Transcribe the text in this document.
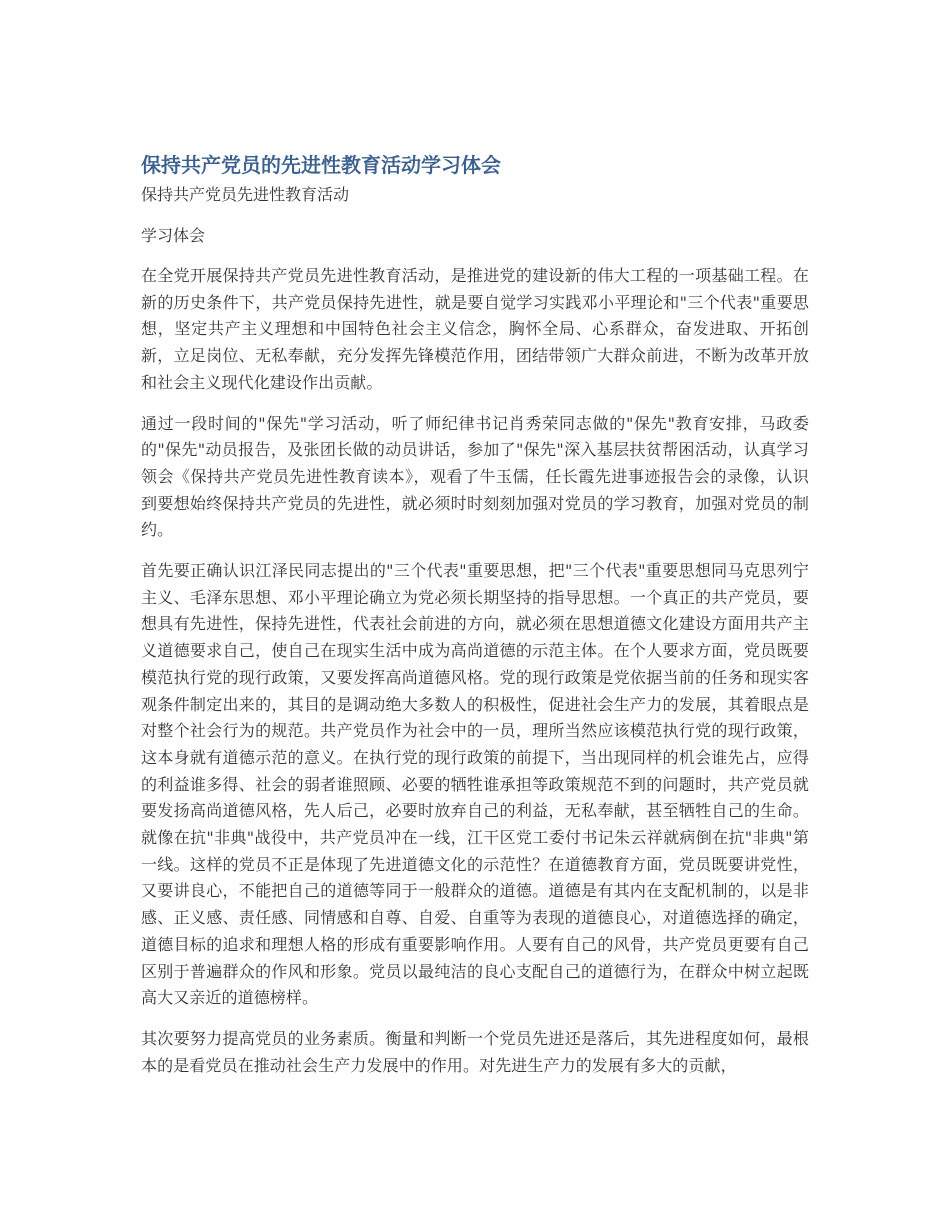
保持共产党员的先进性教育活动学习体会

保持共产党员先进性教育活动

学习体会

在全党开展保持共产党员先进性教育活动，是推进党的建设新的伟大工程的一项基础工程。在新的历史条件下，共产党员保持先进性，就是要自觉学习实践邓小平理论和"三个代表"重要思想，坚定共产主义理想和中国特色社会主义信念，胸怀全局、心系群众，奋发进取、开拓创新，立足岗位、无私奉献，充分发挥先锋模范作用，团结带领广大群众前进，不断为改革开放和社会主义现代化建设作出贡献。

通过一段时间的"保先"学习活动，听了师纪律书记肖秀荣同志做的"保先"教育安排，马政委的"保先"动员报告，及张团长做的动员讲话，参加了"保先"深入基层扶贫帮困活动，认真学习领会《保持共产党员先进性教育读本》，观看了牛玉儒，任长霞先进事迹报告会的录像，认识到要想始终保持共产党员的先进性，就必须时时刻刻加强对党员的学习教育，加强对党员的制约。

首先要正确认识江泽民同志提出的"三个代表"重要思想，把"三个代表"重要思想同马克思列宁主义、毛泽东思想、邓小平理论确立为党必须长期坚持的指导思想。一个真正的共产党员，要想具有先进性，保持先进性，代表社会前进的方向，就必须在思想道德文化建设方面用共产主义道德要求自己，使自己在现实生活中成为高尚道德的示范主体。在个人要求方面，党员既要模范执行党的现行政策，又要发挥高尚道德风格。党的现行政策是党依据当前的任务和现实客观条件制定出来的，其目的是调动绝大多数人的积极性，促进社会生产力的发展，其着眼点是对整个社会行为的规范。共产党员作为社会中的一员，理所当然应该模范执行党的现行政策，这本身就有道德示范的意义。在执行党的现行政策的前提下，当出现同样的机会谁先占，应得的利益谁多得、社会的弱者谁照顾、必要的牺牲谁承担等政策规范不到的问题时，共产党员就要发扬高尚道德风格，先人后己，必要时放弃自己的利益，无私奉献，甚至牺牲自己的生命。就像在抗"非典"战役中，共产党员冲在一线，江干区党工委付书记朱云祥就病倒在抗"非典"第一线。这样的党员不正是体现了先进道德文化的示范性？在道德教育方面，党员既要讲党性，又要讲良心，不能把自己的道德等同于一般群众的道德。道德是有其内在支配机制的，以是非感、正义感、责任感、同情感和自尊、自爱、自重等为表现的道德良心，对道德选择的确定，道德目标的追求和理想人格的形成有重要影响作用。人要有自己的风骨，共产党员更要有自己区别于普遍群众的作风和形象。党员以最纯洁的良心支配自己的道德行为，在群众中树立起既高大又亲近的道德榜样。

其次要努力提高党员的业务素质。衡量和判断一个党员先进还是落后，其先进程度如何，最根本的是看党员在推动社会生产力发展中的作用。对先进生产力的发展有多大的贡献，
